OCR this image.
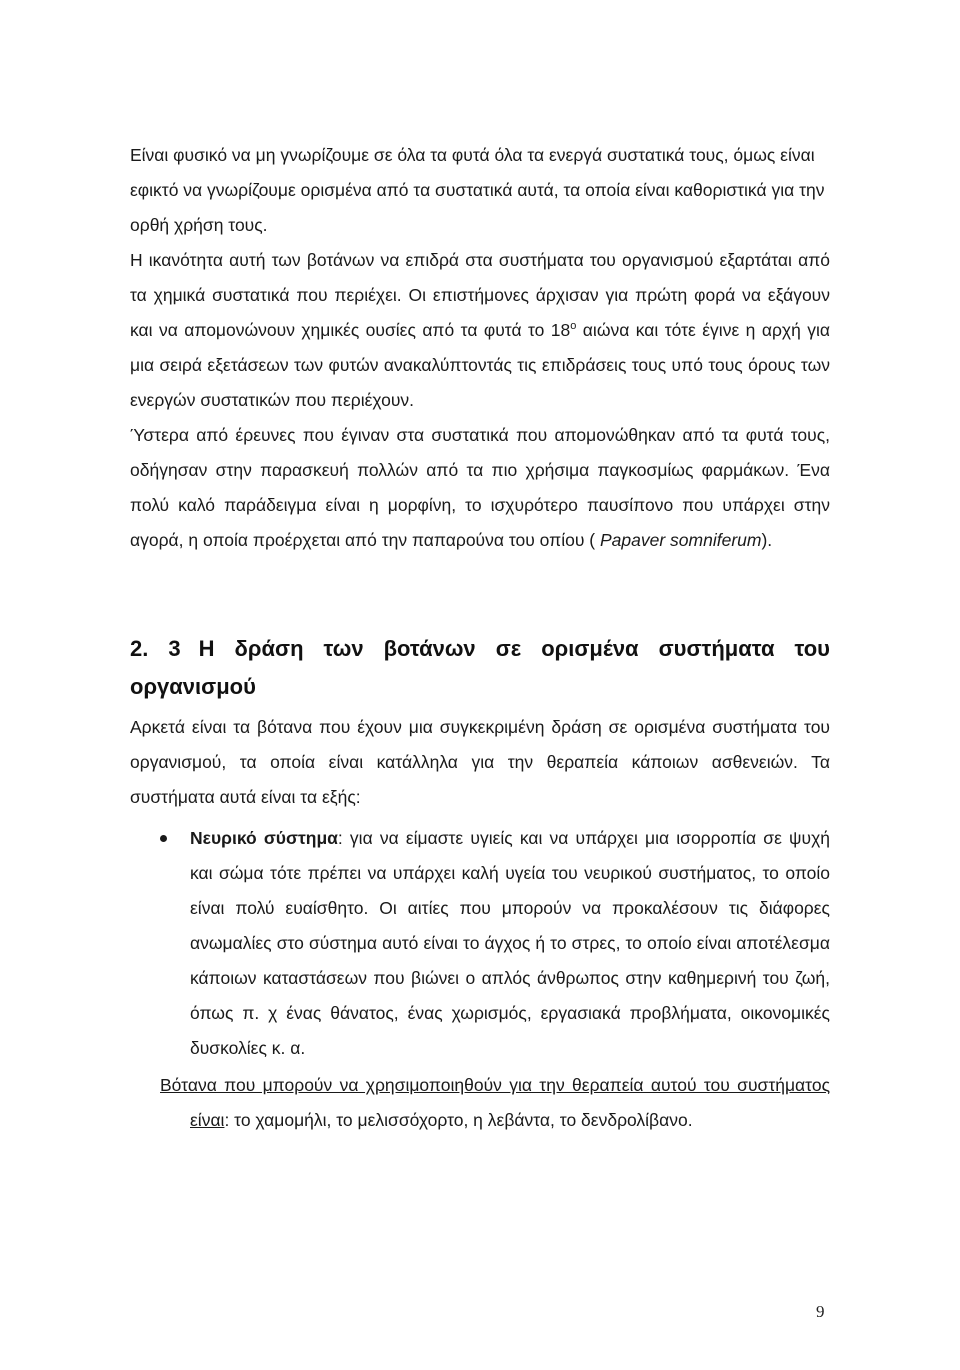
Είναι φυσικό να μη γνωρίζουμε σε όλα τα φυτά όλα τα ενεργά συστατικά τους, όμως είναι εφικτό να γνωρίζουμε ορισμένα από τα συστατικά αυτά, τα οποία είναι καθοριστικά για την ορθή χρήση τους.

Η ικανότητα αυτή των βοτάνων να επιδρά στα συστήματα του οργανισμού εξαρτάται από τα χημικά συστατικά που περιέχει. Οι επιστήμονες άρχισαν για πρώτη φορά να εξάγουν και να απομονώνουν χημικές ουσίες από τα φυτά το $18^o$ αιώνα και τότε έγινε η αρχή για μια σειρά εξετάσεων των φυτών ανακαλύπτοντάς τις επιδράσεις τους υπό τους όρους των ενεργών συστατικών που περιέχουν.

Ύστερα από έρευνες που έγιναν στα συστατικά που απομονώθηκαν από τα φυτά τους, οδήγησαν στην παρασκευή πολλών από τα πιο χρήσιμα παγκοσμίως φαρμάκων. Ένα πολύ καλό παράδειγμα είναι η μορφίνη, το ισχυρότερο παυσίπονο που υπάρχει στην αγορά, η οποία προέρχεται από την παπαρούνα του οπίου ( Papaver somniferum).

2. 3 Η δράση των βοτάνων σε ορισμένα συστήματα του οργανισμού

Αρκετά είναι τα βότανα που έχουν μια συγκεκριμένη δράση σε ορισμένα συστήματα του οργανισμού, τα οποία είναι κατάλληλα για την θεραπεία κάποιων ασθενειών. Τα συστήματα αυτά είναι τα εξής:

Νευρικό σύστημα: για να είμαστε υγιείς και να υπάρχει μια ισορροπία σε ψυχή και σώμα τότε πρέπει να υπάρχει καλή υγεία του νευρικού συστήματος, το οποίο είναι πολύ ευαίσθητο. Οι αιτίες που μπορούν να προκαλέσουν τις διάφορες ανωμαλίες στο σύστημα αυτό είναι το άγχος ή το στρες, το οποίο είναι αποτέλεσμα κάποιων καταστάσεων που βιώνει ο απλός άνθρωπος στην καθημερινή του ζωή, όπως π. χ ένας θάνατος, ένας χωρισμός, εργασιακά προβλήματα, οικονομικές δυσκολίες κ. α.

Βότανα που μπορούν να χρησιμοποιηθούν για την θεραπεία αυτού του συστήματοςείναι: το χαμομήλι, το μελισσόχορτο, η λεβάντα, το δενδρολίβανο.

9
